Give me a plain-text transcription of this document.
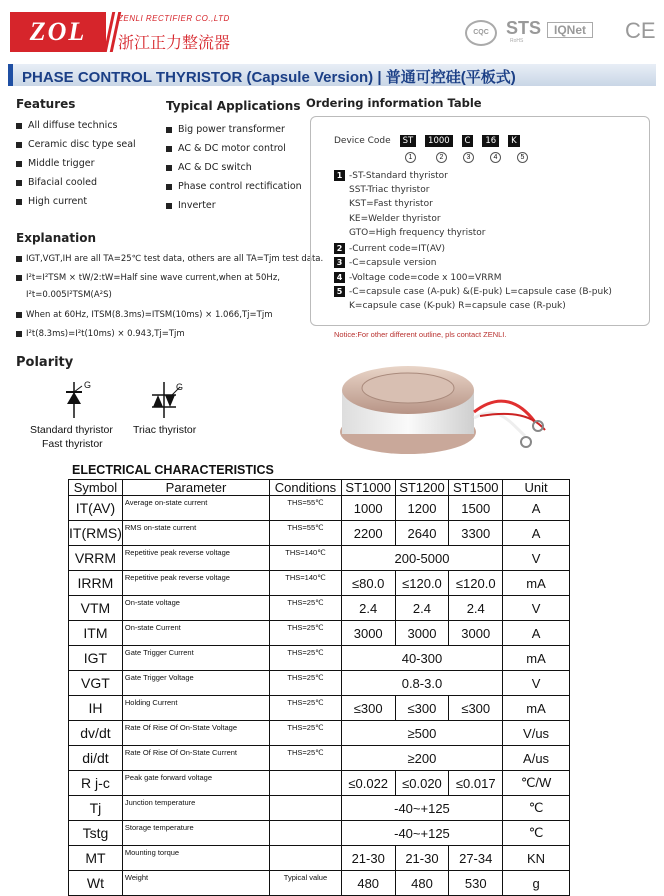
ZOL	ZENLI RECTIFIER CO.,LTD
浙江正力整流器
CQC STS
RoHS
IQNet	CE
PHASE CONTROL THYRISTOR (Capsule Version) | 普通可控硅(平板式)
Features
All diffuse technics
Ceramic disc type seal
Middle trigger
Bifacial cooled
High current
Typical Applications
Big power transformer
AC & DC motor control
AC & DC switch
Phase control rectification
Inverter
Explanation
IGT,VGT,IH are all TA=25℃ test data, others are all TA=Tjm test data.
I²t=I²TSM × tW/2:tW=Half sine wave current,when at 50Hz,
I²t=0.005I²TSM(A²S)
When at 60Hz, ITSM(8.3ms)=ITSM(10ms) × 1.066,Tj=Tjm
I²t(8.3ms)=I²t(10ms) × 0.943,Tj=Tjm
Polarity
G	G
Standard thyristor
Fast thyristor
Triac thyristor
Ordering information Table
Device Code ST 1000 C 16 K
1	2	3	4	5
1 -ST-Standard thyristor
SST-Triac thyristor
KST=Fast thyristor
KE=Welder thyristor
GTO=High frequency thyristor
2 -Current code=IT(AV)
3 -C=capsule version
4 -Voltage code=code x 100=VRRM
5 -C=capsule case (A-puk) &(E-puk) L=capsule case (B-puk)
K=capsule case (K-puk) R=capsule case (R-puk)
Notice:For other different outline, pls contact ZENLI.
ELECTRICAL CHARACTERISTICS
Symbol	Parameter	Conditions	ST1000	ST1200	ST1500	Unit
IT(AV)	Average on-state current	THS=55℃	1000	1200	1500	A
IT(RMS)	RMS on-state current	THS=55℃	2200	2640	3300	A
VRRM	Repetitive peak reverse voltage	THS=140℃	200-5000			V
IRRM	Repetitive peak reverse voltage	THS=140℃	≤80.0	≤120.0	≤120.0	mA
VTM	On-state voltage	THS=25℃	2.4	2.4	2.4	V
ITM	On-state Current	THS=25℃	3000	3000	3000	A
IGT	Gate Trigger Current	THS=25℃	40-300			mA
VGT	Gate Trigger Voltage	THS=25℃	0.8-3.0			V
IH	Holding Current	THS=25℃	≤300	≤300	≤300	mA
dv/dt	Rate Of Rise Of On-State Voltage	THS=25℃	≥500			V/us
di/dt	Rate Of Rise Of On-State Current	THS=25℃	≥200			A/us
R j-c	Peak gate forward voltage		≤0.022	≤0.020	≤0.017	℃/W
Tj	Junction temperature		-40~+125			℃
Tstg	Storage temperature		-40~+125			℃
MT	Mounting torque		21-30	21-30	27-34	KN
Wt	Weight	Typical value	480	480	530	g
